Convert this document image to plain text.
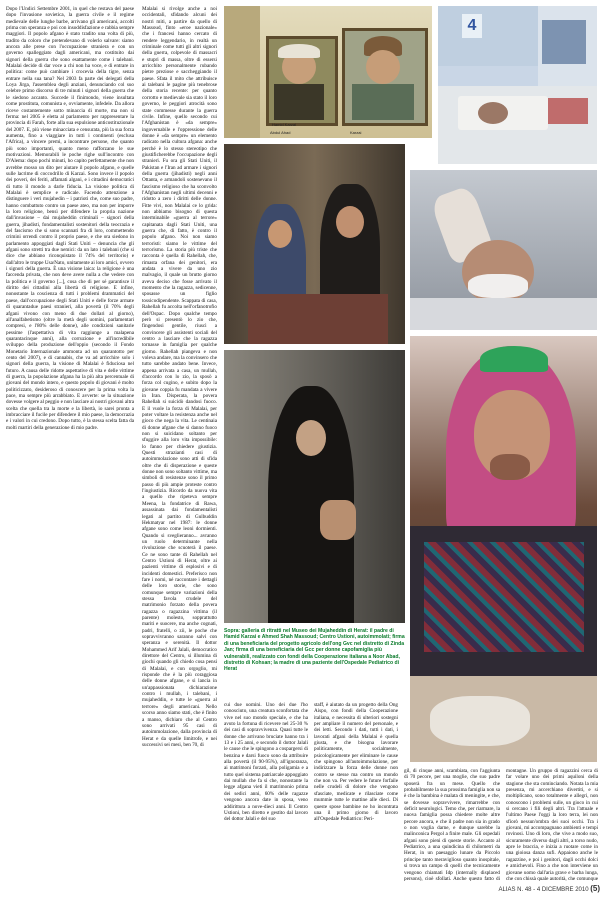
Dopo l'Undici Settembre 2001, in quel che restava del paese dopo l'invasione sovietica, la guerra civile e il regime medievale delle lunghe barbe, arrivano gli americani, accolti prima con speranza e poi con insoddisfazione e rabbia sempre maggiori. Il popolo afgano è stato tradito una volta di più, tradito da coloro che pretendevano di volerlo salvare: siamo ancora alle prese con l'occupazione straniera e con un governo spalleggiato dagli americani, ma costituito dai signori della guerra che sono esattamente come i talebani. Malalai decide di dar voce a chi non ha voce, e di entrare in politica: come può cambiare i crocevia della tigre, senza entrare nella sua tana? Nel 2003 fa parte dei delegati della Loya Jirga, l'assemblea degli anziani, denunciando col suo celebre primo discorso di tre minuti i signori della guerra che le siedono accanto. Succede il finimondo, viene insultata come prostituta, comunista e, ovviamente, infedele. Da allora riceve costantemente sotto minaccia di morte, ma non si ferma: nel 2005 è eletta al parlamento per rappresentare la provincia di Farah, forte alla sua espulsione anticostituzionale del 2007. E, più viene minacciata e censurata, più la sua forza aumenta, fino a viaggiare in tutti i continenti (esclusa l'Africa), a vincere premi, a incontrare persone, che quanto più sono importanti, quanto meno rafforzano le sue motivazioni. Memorabili le poche righe sull'incontro con D'Alema: dopo pochi minuti, ho capito perfettamente che non avrebbe mosso un dito per aiutare il popolo afgano, e quelle sulle lacrime di coccodrillo di Karzai. Sono invece il popolo dei poveri, dei feriti, affamati algani, e i cittadini democratici di tutto il mondo a darle fiducia. La visione politica di Malalai è semplice e radicale. Facendo attenzione a distinguere i veri mujahedin – i patrioti che, come suo padre, hanno combattuto contro un paese ateo, ma non per imporre la loro religione, bensì per difendere la propria nazione dall'invasione – dai mujaheddin criminali – signori della guerra, jihadisti, fondamentalisti sostenitori della teocrazia e del fascismo che si sono scannati fra di loro, commettendo crimini orrendi contro il proprio paese, e che ora siedono in parlamento appoggiati dagli Stati Uniti – denuncia che gli afgani sono stretti tra due nemici: da un lato i talebani (che si dice che abbiano riconquistato il 74% del territorio) e dall'altro le truppe Usa/Nato, unitamente ai loro amici, ovvero i signori della guerra. È una visione laica: la religione è una faccenda privata, che non deve avere nulla a che vedere con la politica e il governo [...], cosa che di per sé garantisce il diritto dei cittadini alla libertà di religione. E infine, nonostante la coscienza di tutti i problemi drammatici del paese, dall'occupazione degli Stati Uniti e delle forze armate di quarantadue paesi stranieri, alla povertà (il 70% degli afgani vivono con meno di due dollari al giorno), all'analfabetismo (oltre la metà degli uomini, parlamentari compresi, e l'80% delle donne), alle condizioni sanitarie pessime (l'aspettativa di vita raggiunge a malapena quarantacinque anni), alla corruzione e all'incredibile sviluppo della produzione dell'oppio (secondo il Fondo Monetario Internazionale ammonta ad un quarantotto per cento del 2007), e di cannabis, che va ad arricchire solo i signori della guerra, la visione di Malalai è fiduciosa nel futuro. A causa delle ridotte aspettative di vita e delle vittime di guerra, la popolazione afgana ha la più alta percentuale di giovani del mondo intero, e questo popolo di giovani è molto politicizzato, desideroso di conoscere per la prima volta la pace, ma sempre più arrabbiato. E avverte: se la situazione dovesse volgere al peggio e non lasciare ai nostri giovani altra scelta che quella tra la morte e la libertà, io sarei pronta a imbracciare il fucile per difendere il mio paese, la democrazia e i valori in cui credono. Dopo tutto, è la stessa scelta fatta da molti martiri della generazione di mio padre.

Malalai si rivolge anche a noi occidentali, sfidando alcuni dei nostri miti, a partire da quello di Massoud, finto «eroe nazionale» che i francesi hanno cercato di rendere leggendario, in realtà un criminale come tutti gli altri signori della guerra, colpevole di massacri e stupri di massa, oltre di essersi arricchito personalmente rubando pietre preziose e saccheggiando il paese. Sfata il mito che attribuisce ai talebani le pagine più tenebrose della storia recente: per quanto corrotto e medievale sia stato il loro governo, le peggiori atrocità sono state commesse durante la guerra civile. Infine, quello secondo cui l'Afghanistan è «da sempre» ingovernabile e l'oppressione delle donne è «da sempre» un elemento radicato nella cultura afgana: anche perché è lo stesso stereotipo che giustificherebbe l'occupazione degli stranieri. Fu ora gli Stati Uniti, il Pakistan e l'Iran ad armare i signori della guerra (jihadisti) negli anni Ottanta, e armandoli sostenevano il fascismo religioso che ha sconvolto l'Afghanistan negli ultimi decenni e ridotto a zero i diritti delle donne. Fitte vivi, non Malalai ce lo grida: non abbiamo bisogno di questa interminabile «guerra al terrore» capitanata dagli Stati Uniti, una guerra che, di fatto, è contro il popolo afgano. Noi non siamo terroristi: siamo le vittime del terrorismo. La storia più triste che racconta è quella di Rahellah, che, rimasta orfana dei genitori, era andata a vivere da uno zio malvagio, il quale un brutto giorno aveva deciso che fosse arrivato il momento che la ragazza, sedicenne, sposasse un figlio tossicodipendente. Scappata di casa, Rahellah fu accolta nell'orfanotrofio dell'Ospac. Dopo qualche tempo però si presentò lo zio che, fingendosi gentile, riuscì a convincere gli assistenti sociali del centro a lasciare che la ragazza tornasse in famiglia per qualche giorno. Rahellah piangeva e non voleva andare, ma la convinsero che tutto sarebbe andato bene. Invece, appena arrivata a casa, un mullah, d'accordo con lo zio, la sposò a forza col cugino, e subito dopo la giovane coppia fu mandata a vivere in Iran. Disperata, la povera Rahellah si suicidò dandosi fuoco. E il vuole la forza di Malalai, per poter voltare la resistenza anche nel gioco che nega la vita. Le centinaia di donne afgane che si danno fuoco non si suicidano soltanto per sfuggire alla loro vita impossibile: lo fanno per chiedere giustizia. Questi strazianti casi di autoimmolazione sono atti di sfida oltre che di disperazione e queste donne non sono soltanto vittime, ma simboli di resistenze sono il primo passo di più ampie proteste contro l'ingiustizia. Ricordo da nuova vita a quello che ripeteva sempre Meena, la fondatrice di Rawa, assassinata dai fondamentalisti legati al partito di Gulbuddin Hekmatyar nel 1987: le donne afgane sono come leoni dormienti. Quando si sveglieranno... avranno un ruolo determinante nella rivoluzione che scuoterà il paese. Ce ne sono tante di Rahellah nel Centro Ustioni di Herat, oltre ai pazienti vittime di esplosivi e di incidenti domestici. Preferisco non fare i nomi, né raccontare i dettagli delle loro storie, che sono comunque sempre variazioni della stessa favola crudele del matrimonio forzato della povera ragazza o ragazzina vittima (il parente) molesto, sopprattutto mariti e suocere, ma anche cognati, padri, fratelli, o zii, le poche che sopravvivranno saranno salvi con speranza e serenità. Il dottor Mohammed Arif Jalali, democratico direttore del Centro, si illumina di giochi quando gli chiedo cosa pensi di Malalai, e con orgoglio, mi risponde che è la più coraggiosa delle donne afgane, e si lancia in un'appassionata dichiarazione contro i mullah, i talebani, i mujaheddin, e tutte le «guerra al terrore» degli americani. Nello scorso anno siamo stati, che è finito a manso, dichiaro che al Centro sono arrivati 95 casi di autoimmolazione, dalla provincia di Herat e da quelle limitrofe, e nei successivi sei mesi, ben 70, di

Hamid Karzai
Abdul Ahad	Karzai
4
Sopra: galleria di ritratti nel Museo dei Mujaheddin di Herat: il padre di Hamid Karzai e Ahmed Shah Massoud; Centro Ustioni, autoimmolati; firma di una beneficiaria del progetto agricolo dell'ong Gvc nel distretto di Zinda Jan; firma di una beneficiaria del Gcc per donne capofamiglia più vulnerabili, realizzato con fondi della Cooperazione italiana a Noor Abad, distretto di Kohsan; la madre di una paziente dell'Ospedale Pediatrico di Herat

cui due uomini. Uno dei due l'ho conosciuto, una creatura sconfortata che vive nel suo mondo speciale, e che ha avuto la fortuna di ricevere nel 25-30 % dei casi di sopravvivenza. Quasi tutte le donne che arrivano bruciate hanno tra i 13 e i 25 anni, e secondo il dottor Jalali le cause che le spingono a cospargersi di benzina e darsi fuoco sono da attribuire alla povertà (il 90-95%), all'ignoranza, ai matrimoni forzati, alla poligamia e a tutto quel sistema patriarcale appoggiato dai mullah che fa sì che, nonostante la legge afgana vieti il matrimonio prima dei sedici anni, 60% delle ragazze vengono ancora date in sposa, veno addirittura a nove-dieci anni. Il Centro Ustioni, ben diretto e gestito dal lavoro del dottor Jalali e del suo

staff, è aiutato da un progetto della Ong Aispo, con fondi della Cooperazione italiana, e necessita di ulteriori sostegni per ampliare il numero del personale, e dei letti. Secondo i dati, tutti i dati, i lavorati afgani della Malalai è quella giusta, e che bisogna lavorare politicamente, socialmente, psicologicamente per eliminare le cause che spingono all'autoimmolazione, per indirizzare la forza delle donne non contro se stesse ma contro un mondo che non va. Per vedere le future forfaile nelle crudeli di dolore che vengono sfasciate, medicate e rilasciate come mummie tutte le mattine alle dieci. Di queste spose bambine ne ho incontrata una il primo giorno di lavoro all'Ospedale Pediatrico: Peri-

gil, di cinque anni, scambiata, con l'aggiunta di 70 pecore, per una moglie, che suo padre sposerà fra un mese. Quello che probabilmente la sua prossima famiglia non sa è che la bambina è malata di meningite, e che, se dovesse sopravvivere, rimarrebbe con deficit neurologici. Temo che, per riarmare, la nuova famiglia possa chiedere molte altre pecore ancora, e che il padre non sia in grado o non voglia darne, e dunque sarebbe la malinconica Pergol a finire male. Gli ospedali afgani sono pieni di queste storie. Accanto al Pediatrico, a una quindicina di chilometri da Herat, in un paesaggio lunare da Piccolo principe tanto meraviglioso quanto inospitale, si trova un campo di quelli che tecnicamente vengono chiamati Idp (internally displaced persons), cioè sfollati. Anche questo fatto di

montagne. Un gruppo di ragazzini cerca di far volare uno dei primi aquiloni della stagione che sta cominciando. Notata la mia presenza, mi accerchiano divertiti, e si moltiplicano, sono totalmente e allegri, non conoscono i problemi sulle, un gioco in cui si cercano i fili degli altri. Tra l'attuale e l'ultimo Paese l'oggi la loro terra, lei non sfiorò nessun'ombra dei suoi occhi. Tra i giovani, mi accompagnano ambienti e tempi rovinosi. Uno di loro, che vive a modo suo, sicuramente diverso dagli altri, a torso nudo, apre le braccia, e inizia a ruotare come in una gioiosa danza sufi. Appaiono anche le ragazzine, e poi i genitori, dagli occhi dolci e amichevoli. Fino a che non interviene un giovane uomo dall'aria grave e barba lunga, che con chissà quale autorità, che comunque

ALIAS N. 48 - 4 DICEMBRE 2010 (5)
